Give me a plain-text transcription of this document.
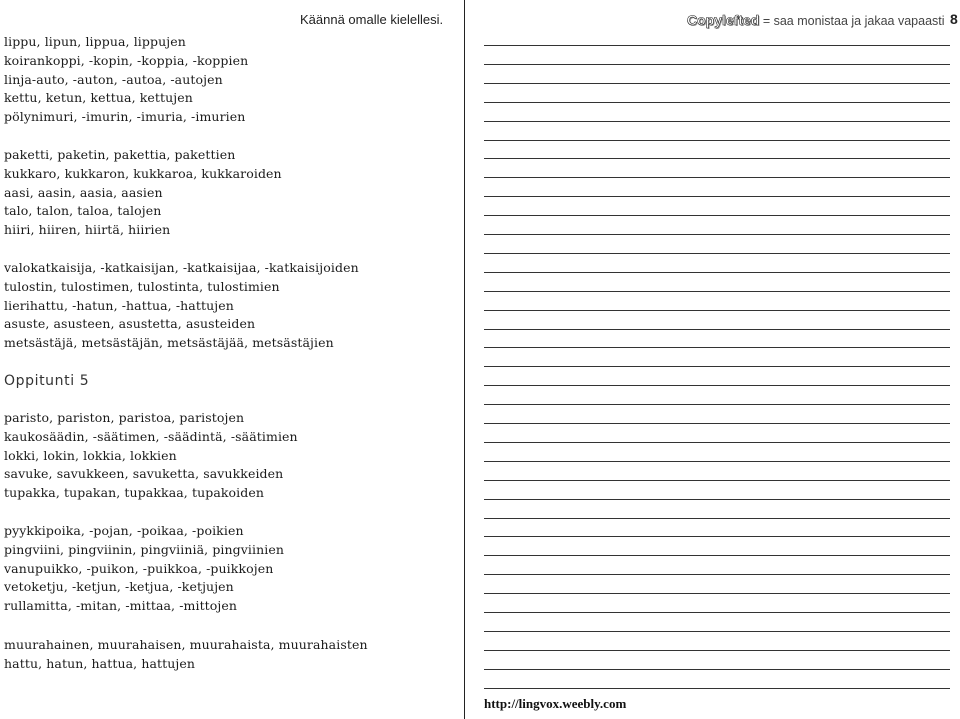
Käännä omalle kielellesi.
lippu, lipun, lippua, lippujen
koirankoppi, -kopin, -koppia, -koppien
linja-auto, -auton, -autoa, -autojen
kettu, ketun, kettua, kettujen
pölynimuri, -imurin, -imuria, -imurien
paketti, paketin, pakettia, pakettien
kukkaro, kukkaron, kukkaroa, kukkaroiden
aasi, aasin, aasia, aasien
talo, talon, taloa, talojen
hiiri, hiiren, hiirtä, hiirien
valokatkaisija, -katkaisijan, -katkaisijaa, -katkaisijoiden
tulostin, tulostimen, tulostinta, tulostimien
lierihattu, -hatun, -hattua, -hattujen
asuste, asusteen, asustetta, asusteiden
metsästäjä, metsästäjän, metsästäjää, metsästäjien
Oppitunti 5
paristo, pariston, paristoa, paristojen
kaukosäädin, -säätimen, -säädintä, -säätimien
lokki, lokin, lokkia, lokkien
savuke, savukkeen, savuketta, savukkeiden
tupakka, tupakan, tupakkaa, tupakoiden
pyykkipoika, -pojan, -poikaa, -poikien
pingviini, pingviinin, pingviiniä, pingviinien
vanupuikko, -puikon, -puikkoa, -puikkojen
vetoketju, -ketjun, -ketjua, -ketjujen
rullamitta, -mitan, -mittaa, -mittojen
muurahainen, muurahaisen, muurahaista, muurahaisten
hattu, hatun, hattua, hattujen
Copylefted = saa monistaa ja jakaa vapaasti 8
http://lingvox.weebly.com
